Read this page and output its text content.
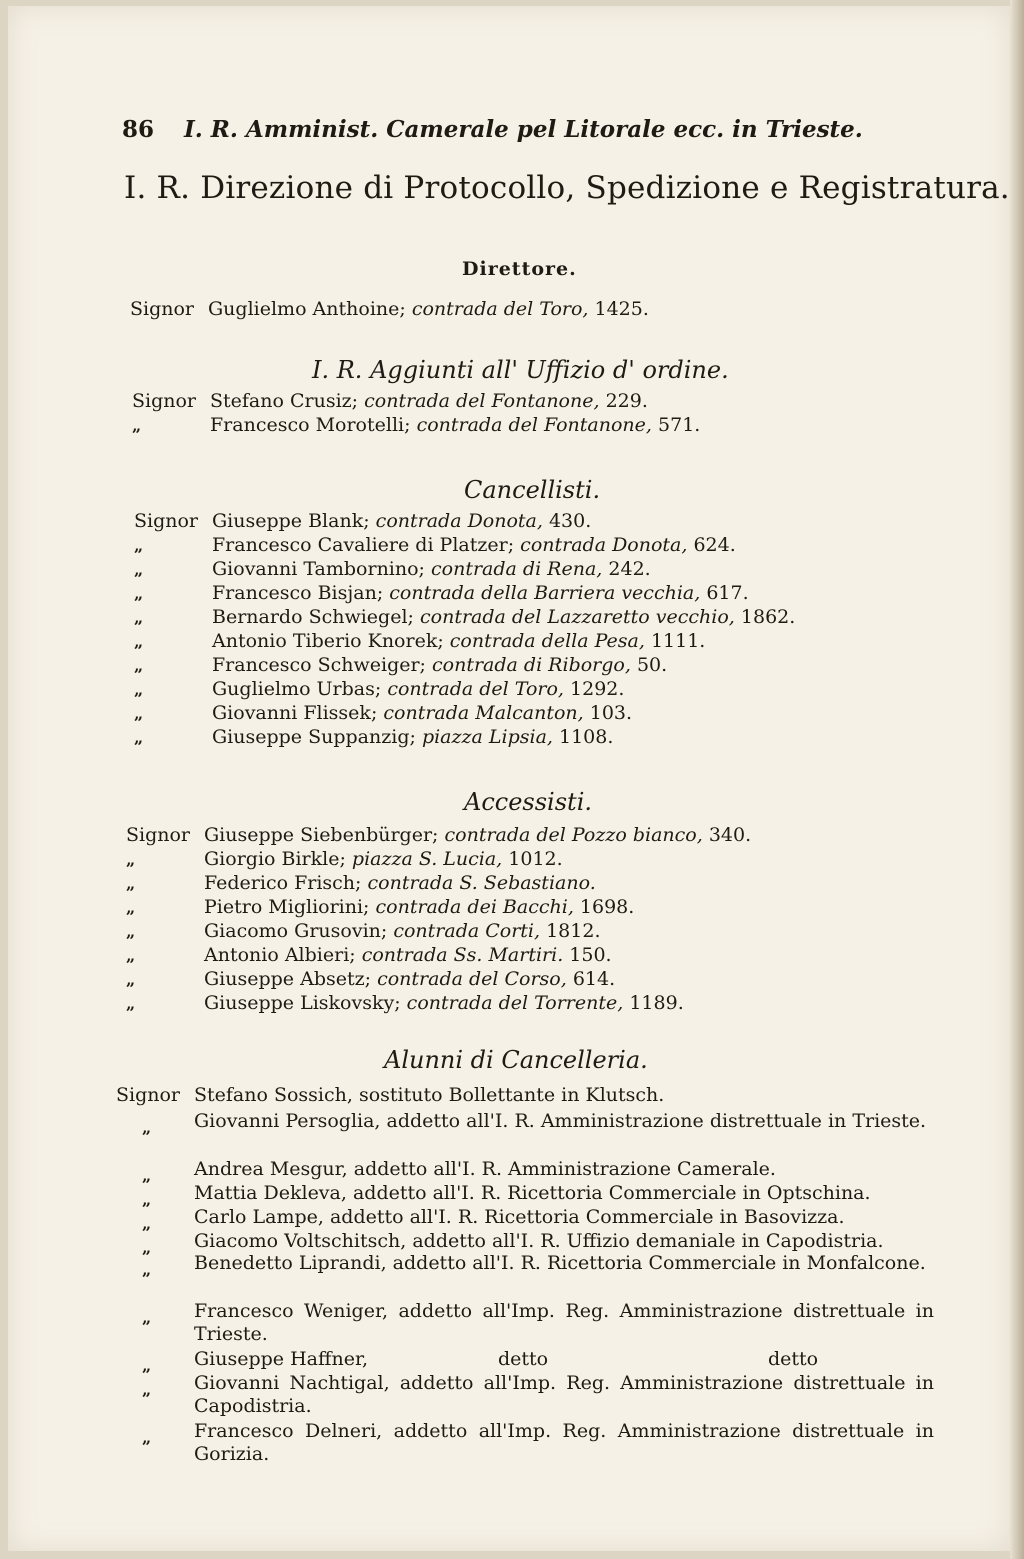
86 I. R. Amminist. Camerale pel Litorale ecc. in Trieste.
I. R. Direzione di Protocollo, Spedizione e Registratura.
Direttore.
Signor Guglielmo Anthoine; contrada del Toro, 1425.
I. R. Aggiunti all' Uffizio d' ordine.
Signor Stefano Crusiz; contrada del Fontanone, 229.
„	Francesco Morotelli; contrada del Fontanone, 571.
Cancellisti.
Signor Giuseppe Blank; contrada Donota, 430.
„	Francesco Cavaliere di Platzer; contrada Donota, 624.
„	Giovanni Tambornino; contrada di Rena, 242.
„	Francesco Bisjan; contrada della Barriera vecchia, 617.
„	Bernardo Schwiegel; contrada del Lazzaretto vecchio, 1862.
„	Antonio Tiberio Knorek; contrada della Pesa, 1111.
„	Francesco Schweiger; contrada di Riborgo, 50.
„	Guglielmo Urbas; contrada del Toro, 1292.
„	Giovanni Flissek; contrada Malcanton, 103.
„	Giuseppe Suppanzig; piazza Lipsia, 1108.
Accessisti.
Signor Giuseppe Siebenbürger; contrada del Pozzo bianco, 340.
„	Giorgio Birkle; piazza S. Lucia, 1012.
„	Federico Frisch; contrada S. Sebastiano.
„	Pietro Migliorini; contrada dei Bacchi, 1698.
„	Giacomo Grusovin; contrada Corti, 1812.
„	Antonio Albieri; contrada Ss. Martiri. 150.
„	Giuseppe Absetz; contrada del Corso, 614.
„	Giuseppe Liskovsky; contrada del Torrente, 1189.
Alunni di Cancelleria.
Signor Stefano Sossich, sostituto Bollettante in Klutsch.
„	Giovanni Persoglia, addetto all'I. R. Amministrazione distrettuale in Trieste.
„	Andrea Mesgur, addetto all'I. R. Amministrazione Camerale.
„	Mattia Dekleva, addetto all'I. R. Ricettoria Commerciale in Optschina.
„	Carlo Lampe, addetto all'I. R. Ricettoria Commerciale in Basovizza.
„	Giacomo Voltschitsch, addetto all'I. R. Uffizio demaniale in Capodistria.
„	Benedetto Liprandi, addetto all'I. R. Ricettoria Commerciale in Monfalcone.
„	Francesco Weniger, addetto all'Imp. Reg. Amministrazione distrettuale in Trieste.
„	Giuseppe Haffner,	detto	detto
„	Giovanni Nachtigal, addetto all'Imp. Reg. Amministrazione distrettuale in Capodistria.
„	Francesco Delneri, addetto all'Imp. Reg. Amministrazione distrettuale in Gorizia.
